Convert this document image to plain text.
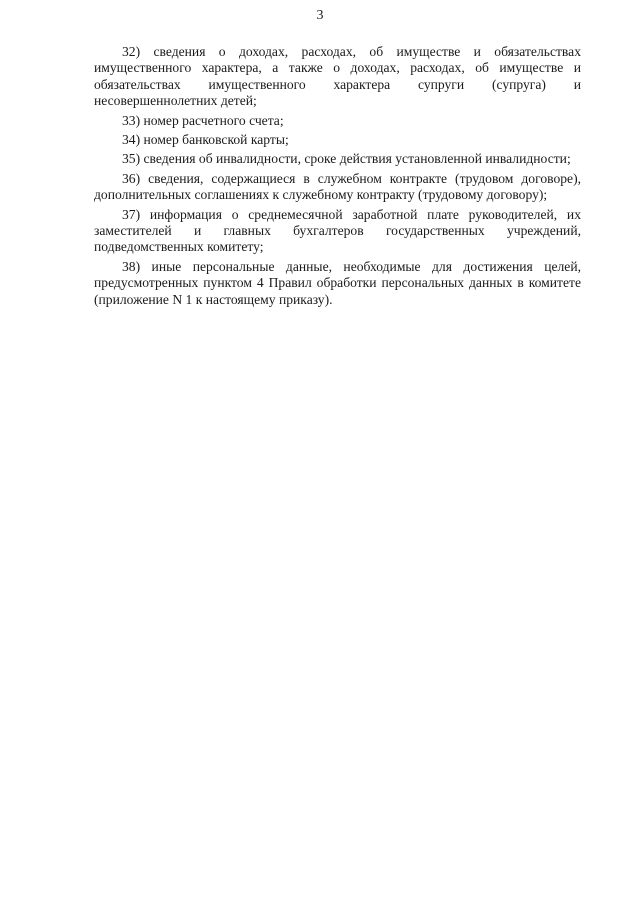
3

32) сведения о доходах, расходах, об имуществе и обязательствах имущественного характера, а также о доходах, расходах, об имуществе и обязательствах имущественного характера супруги (супруга) и несовершеннолетних детей;

33) номер расчетного счета;

34) номер банковской карты;

35) сведения об инвалидности, сроке действия установленной инвалидности;

36) сведения, содержащиеся в служебном контракте (трудовом договоре), дополнительных соглашениях к служебному контракту (трудовому договору);

37) информация о среднемесячной заработной плате руководителей, их заместителей и главных бухгалтеров государственных учреждений, подведомственных комитету;

38) иные персональные данные, необходимые для достижения целей, предусмотренных пунктом 4 Правил обработки персональных данных в комитете (приложение N 1 к настоящему приказу).
